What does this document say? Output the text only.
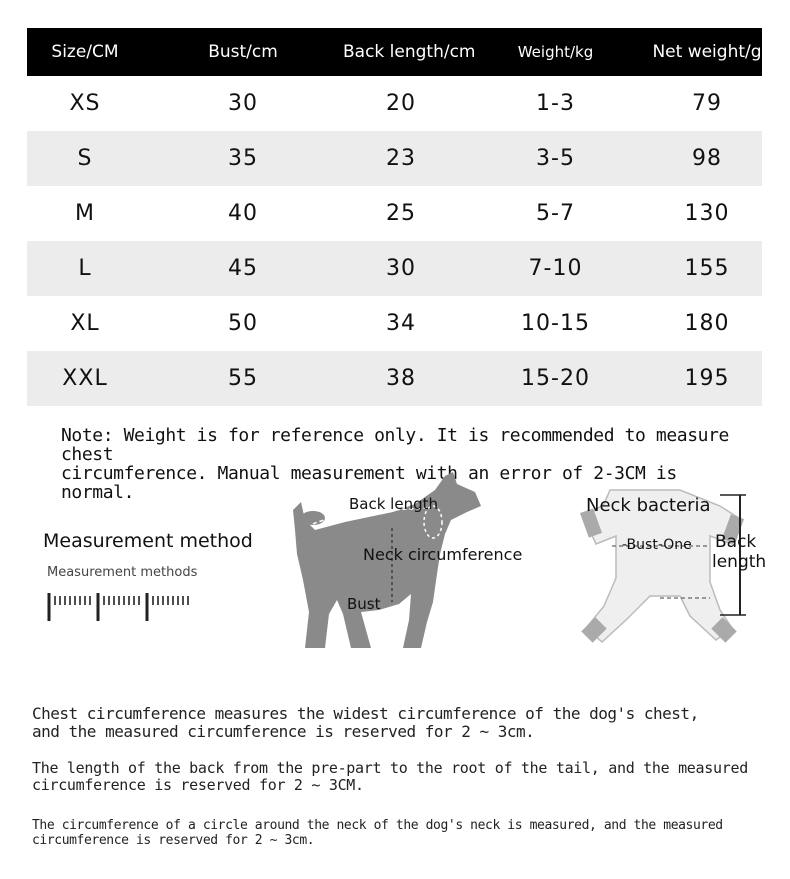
Size/CM	Bust/cm	Back length/cm	Weight/kg	Net weight/g
XS	30	20	1-3	79
S	35	23	3-5	98
M	40	25	5-7	130
L	45	30	7-10	155
XL	50	34	10-15	180
XXL	55	38	15-20	195
Note: Weight is for reference only. It is recommended to measure chest
circumference. Manual measurement with an error of 2-3CM is normal.
Measurement method
Measurement methods
Back length
Neck circumference
Bust
Neck bacteria
-Bust-One Back
length
Chest circumference measures the widest circumference of the dog's chest,
and the measured circumference is reserved for 2 ~ 3cm.
The length of the back from the pre-part to the root of the tail, and the measured
circumference is reserved for 2 ~ 3CM.
The circumference of a circle around the neck of the dog's neck is measured, and the measured
circumference is reserved for 2 ~ 3cm.
